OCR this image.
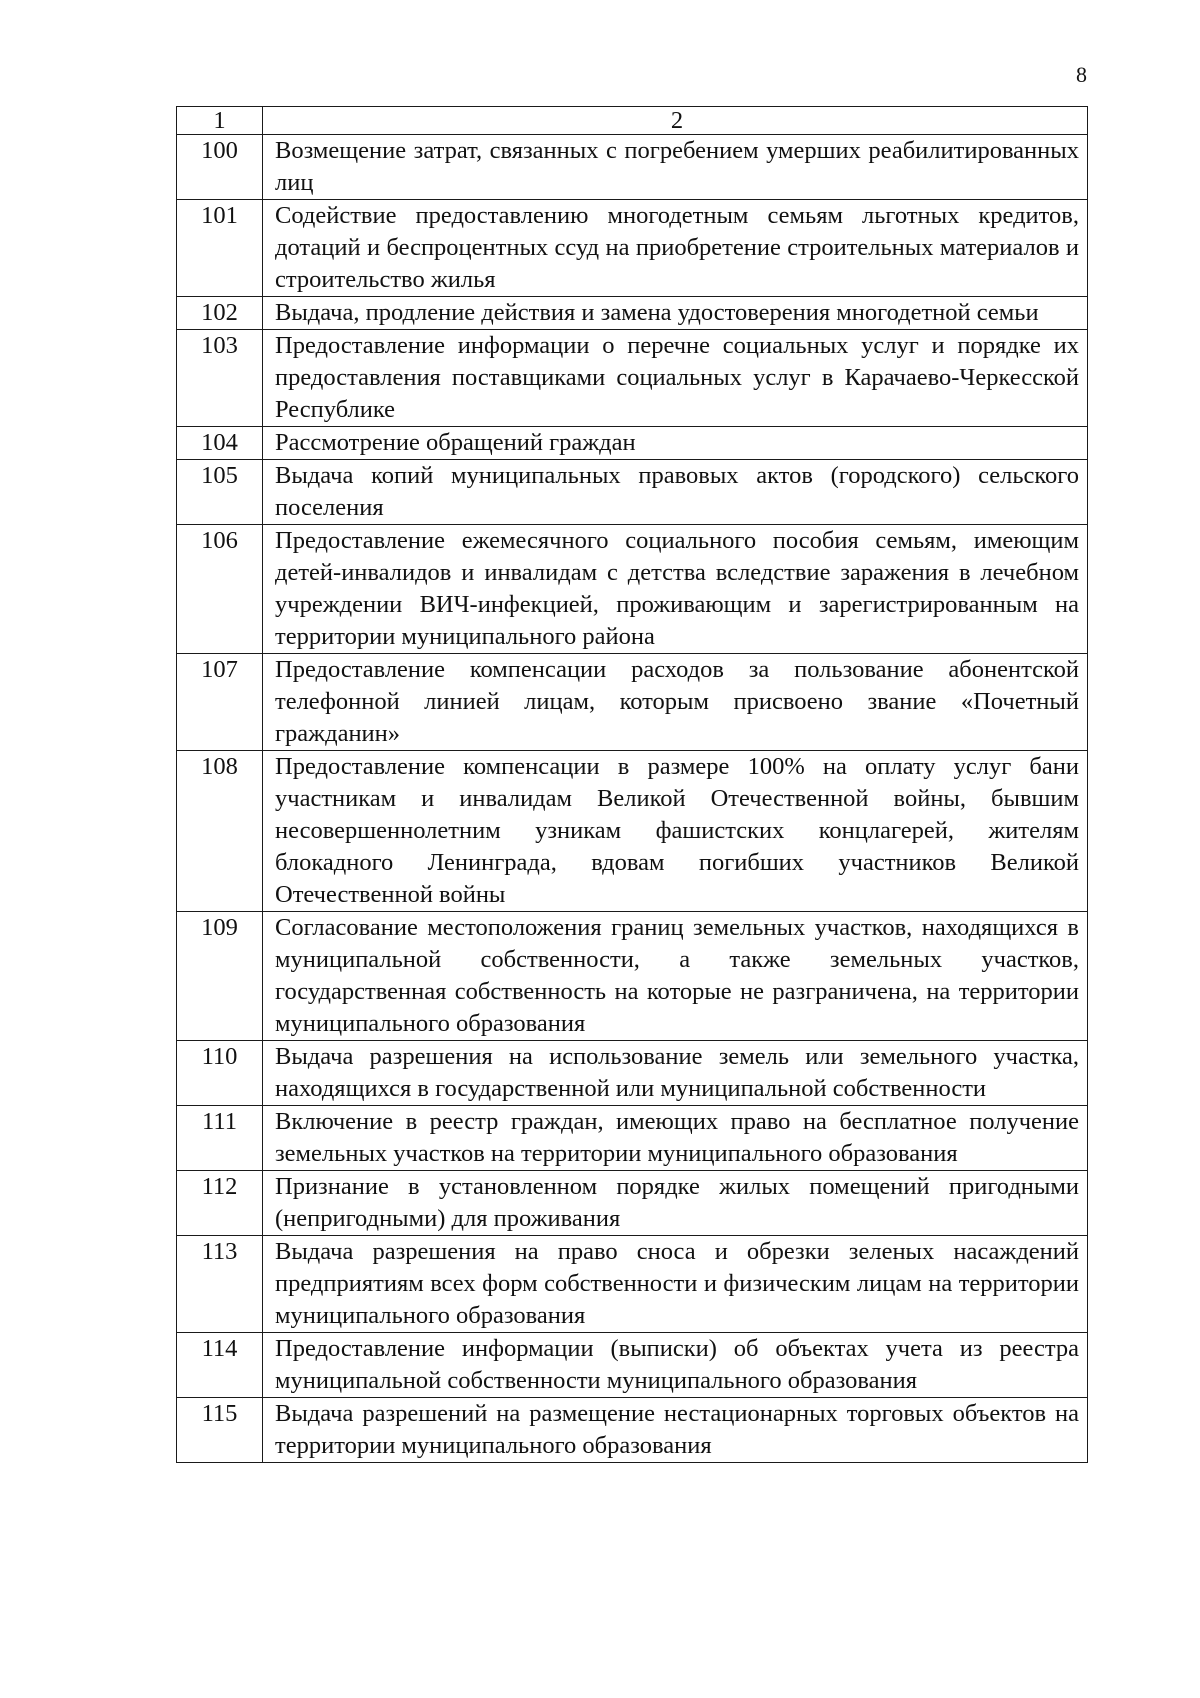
8
1	2
100	Возмещение затрат, связанных с погребением умерших реабилитированных лиц
101	Содействие предоставлению многодетным семьям льготных кредитов, дотаций и беспроцентных ссуд на приобретение строительных материалов и строительство жилья
102	Выдача, продление действия и замена удостоверения многодетной семьи
103	Предоставление информации о перечне социальных услуг и порядке их предоставления поставщиками социальных услуг в Карачаево-Черкесской Республике
104	Рассмотрение обращений граждан
105	Выдача копий муниципальных правовых актов (городского) сельского поселения
106	Предоставление ежемесячного социального пособия семьям, имеющим детей-инвалидов и инвалидам с детства вследствие заражения в лечебном учреждении ВИЧ-инфекцией, проживающим и зарегистрированным на территории муниципального района
107	Предоставление компенсации расходов за пользование абонентской телефонной линией лицам, которым присвоено звание «Почетный гражданин»
108	Предоставление компенсации в размере 100% на оплату услуг бани участникам и инвалидам Великой Отечественной войны, бывшим несовершеннолетним узникам фашистских концлагерей, жителям блокадного Ленинграда, вдовам погибших участников Великой Отечественной войны
109	Согласование местоположения границ земельных участков, находящихся в муниципальной собственности, а также земельных участков, государственная собственность на которые не разграничена, на территории муниципального образования
110	Выдача разрешения на использование земель или земельного участка, находящихся в государственной или муниципальной собственности
111	Включение в реестр граждан, имеющих право на бесплатное получение земельных участков на территории муниципального образования
112	Признание в установленном порядке жилых помещений пригодными (непригодными) для проживания
113	Выдача разрешения на право сноса и обрезки зеленых насаждений предприятиям всех форм собственности и физическим лицам на территории муниципального образования
114	Предоставление информации (выписки) об объектах учета из реестра муниципальной собственности муниципального образования
115	Выдача разрешений на размещение нестационарных торговых объектов на территории муниципального образования
